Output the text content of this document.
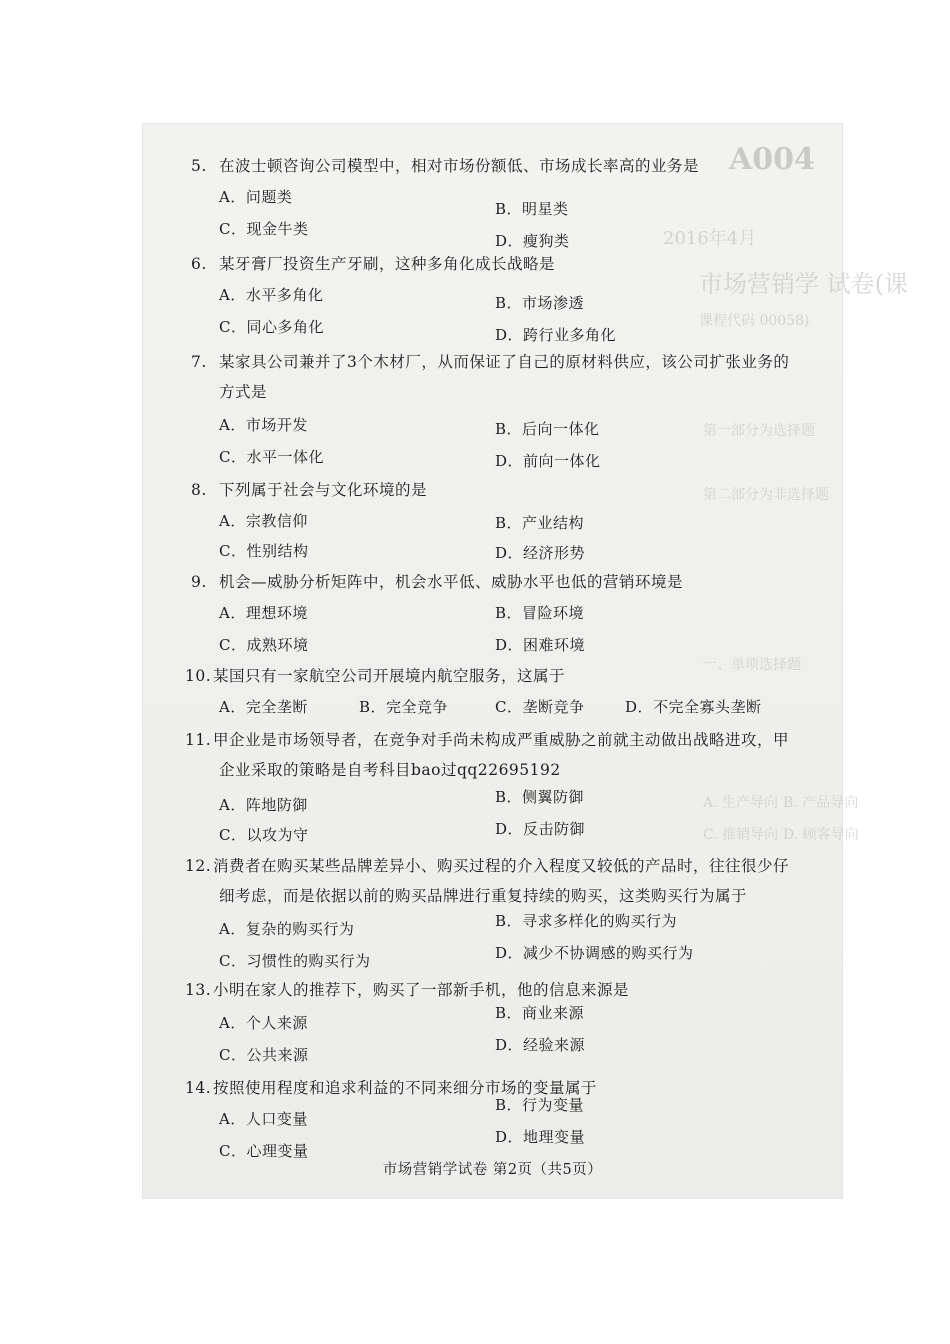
A004
2016年4月
市场营销学 试卷(课
课程代码 00058)
第一部分为选择题
第二部分为非选择题
一、单项选择题
A. 生产导向 B. 产品导向
C. 推销导向 D. 顾客导向
5. 在波士顿咨询公司模型中，相对市场份额低、市场成长率高的业务是
A．问题类
B．明星类
C．现金牛类
D．瘦狗类
6. 某牙膏厂投资生产牙刷，这种多角化成长战略是
A．水平多角化	B．市场渗透
C．同心多角化	D．跨行业多角化
7. 某家具公司兼并了3个木材厂，从而保证了自己的原材料供应，该公司扩张业务的
方式是
A．市场开发	B．后向一体化
C．水平一体化	D．前向一体化
8. 下列属于社会与文化环境的是
A．宗教信仰	B．产业结构
C．性别结构	D．经济形势
9. 机会—威胁分析矩阵中，机会水平低、威胁水平也低的营销环境是
A．理想环境	B．冒险环境
C．成熟环境	D．困难环境
10. 某国只有一家航空公司开展境内航空服务，这属于
A．完全垄断	B．完全竞争	C．垄断竞争	D．不完全寡头垄断
11. 甲企业是市场领导者，在竞争对手尚未构成严重威胁之前就主动做出战略进攻，甲
企业采取的策略是自考科目bao过qq22695192
A．阵地防御	B．侧翼防御
C．以攻为守	D．反击防御
12. 消费者在购买某些品牌差异小、购买过程的介入程度又较低的产品时，往往很少仔
细考虑，而是依据以前的购买品牌进行重复持续的购买，这类购买行为属于
A．复杂的购买行为	B．寻求多样化的购买行为
C．习惯性的购买行为	D．减少不协调感的购买行为
13. 小明在家人的推荐下，购买了一部新手机，他的信息来源是
A．个人来源
B．商业来源
C．公共来源
D．经验来源
14. 按照使用程度和追求利益的不同来细分市场的变量属于
A．人口变量
B．行为变量
C．心理变量
D．地理变量
市场营销学试卷 第2页（共5页）
